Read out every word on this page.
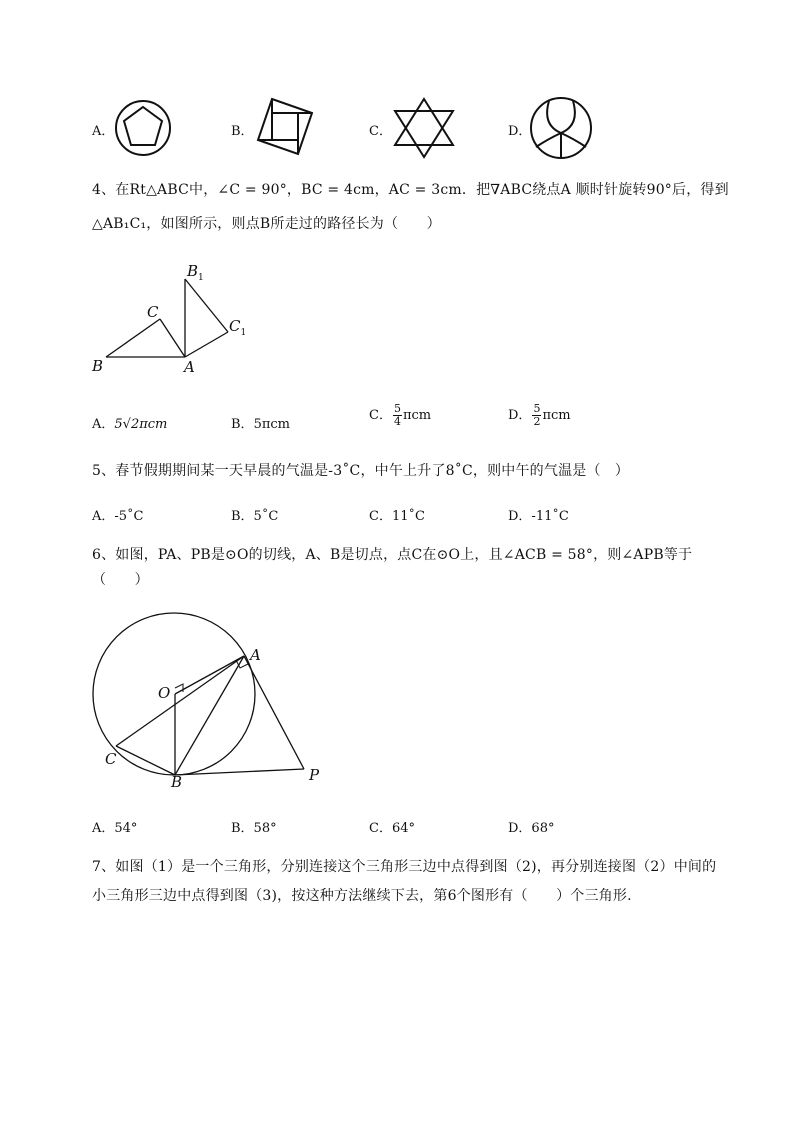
A．	B．	C．	D．
4、在Rt△ABC中，∠C = 90°，BC = 4cm，AC = 3cm．把∇ABC绕点A 顺时针旋转90°后，得到
△AB₁C₁，如图所示，则点B所走过的路径长为（　　）
$B_1$
C
$C_1$
B	A
A．5√2πcm	B．5πcm
C． $\frac{5}{4}$ πcm	D． $\frac{5}{2}$ πcm
5、春节假期期间某一天早晨的气温是-3˚C，中午上升了8˚C，则中午的气温是（　）
A．-5˚C	B．5˚C	C．11˚C	D．-11˚C
6、如图，PA、PB是⊙O的切线，A、B是切点，点C在⊙O上，且∠ACB = 58°，则∠APB等于
（　　）
A
O
C
B	P
A．54°	B．58°	C．64°	D．68°
7、如图（1）是一个三角形，分别连接这个三角形三边中点得到图（2)，再分别连接图（2）中间的
小三角形三边中点得到图（3)，按这种方法继续下去，第6个图形有（　　）个三角形.
